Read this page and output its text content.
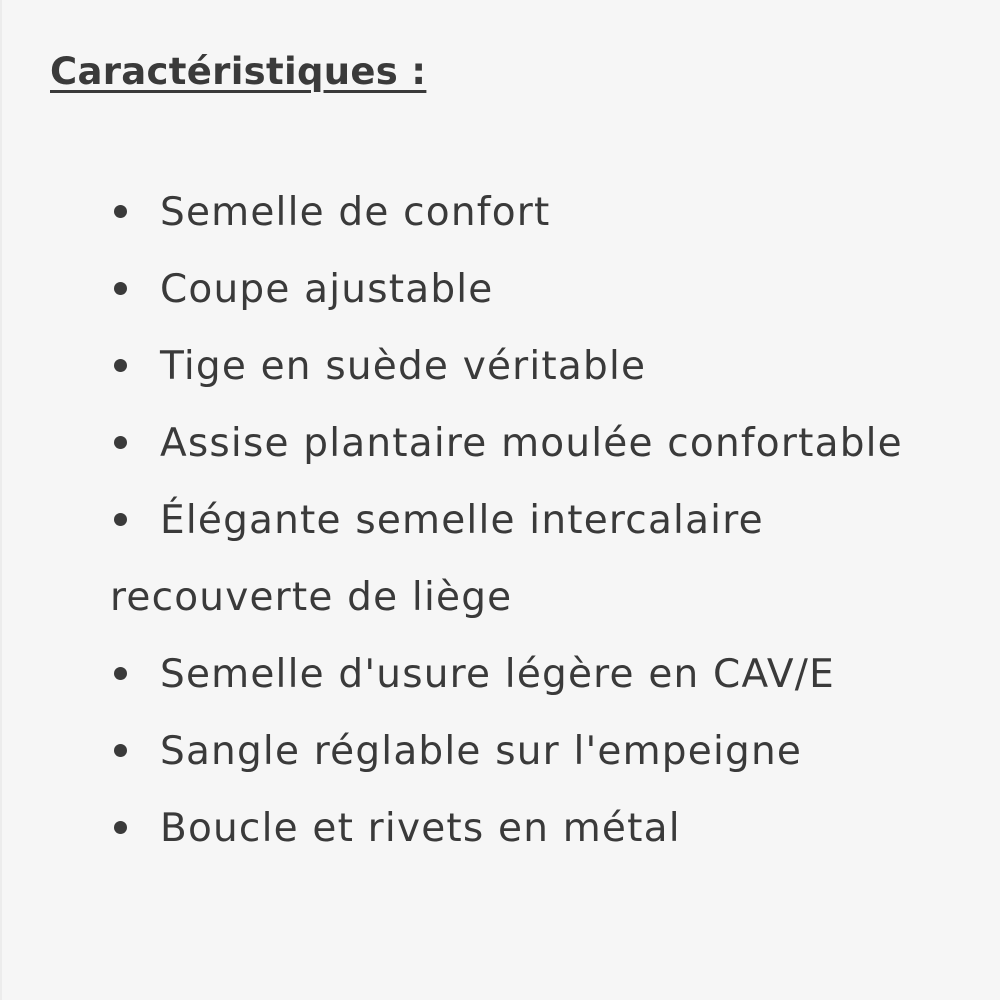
Caractéristiques :
Semelle de confort
Coupe ajustable
Tige en suède véritable
Assise plantaire moulée confortable
Élégante semelle intercalaire recouverte de liège
Semelle d'usure légère en CAV/E
Sangle réglable sur l'empeigne
Boucle et rivets en métal
